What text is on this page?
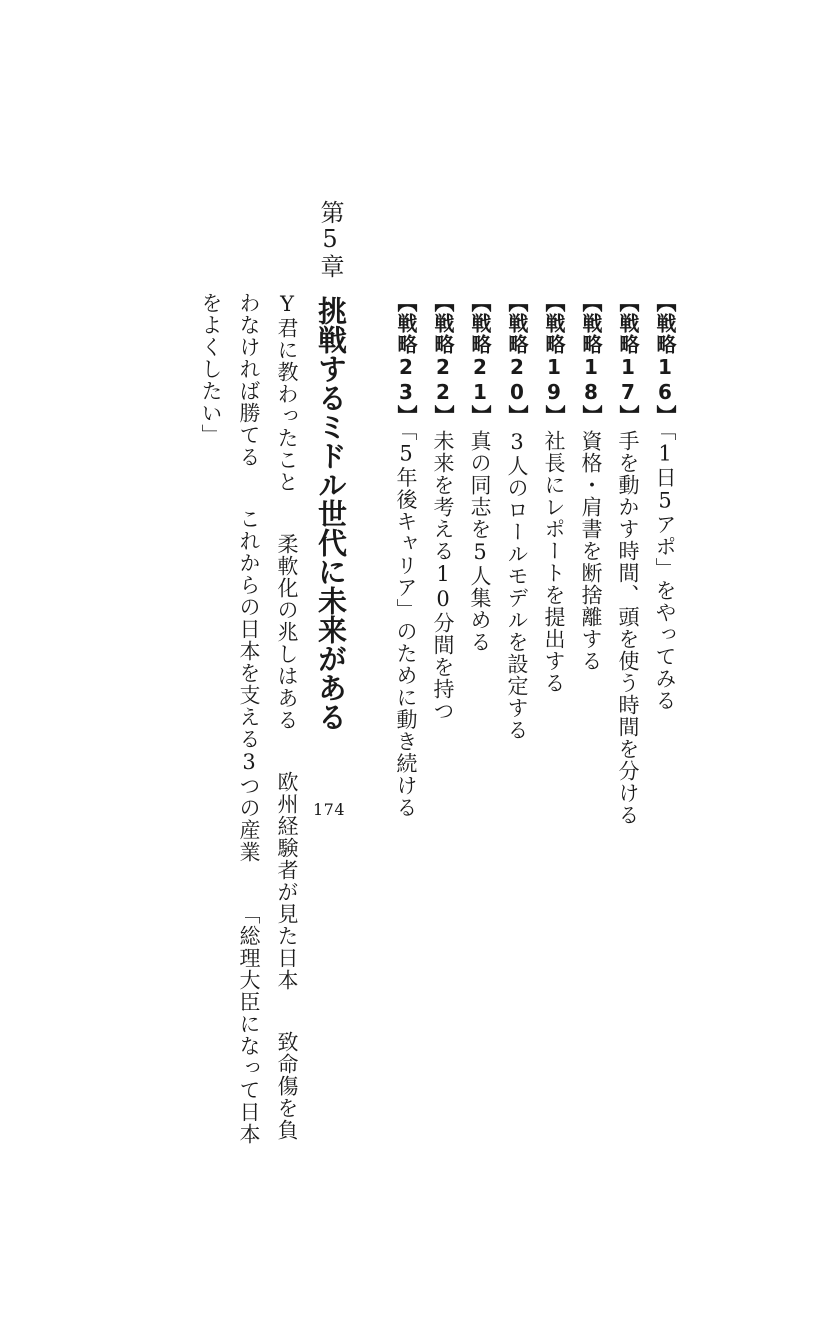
【戦略16】「1日5アポ」をやってみる
【戦略17】手を動かす時間、頭を使う時間を分ける
【戦略18】資格・肩書を断捨離する
【戦略19】社長にレポートを提出する
【戦略20】3人のロールモデルを設定する
【戦略21】真の同志を5人集める
【戦略22】未来を考える10分間を持つ
【戦略23】「5年後キャリア」のために動き続ける
第5章
挑戦するミドル世代に未来がある
174
Y君に教わったこと柔軟化の兆しはある欧州経験者が見た日本致命傷を負
わなければ勝てるこれからの日本を支える3つの産業「総理大臣になって日本
をよくしたい」
